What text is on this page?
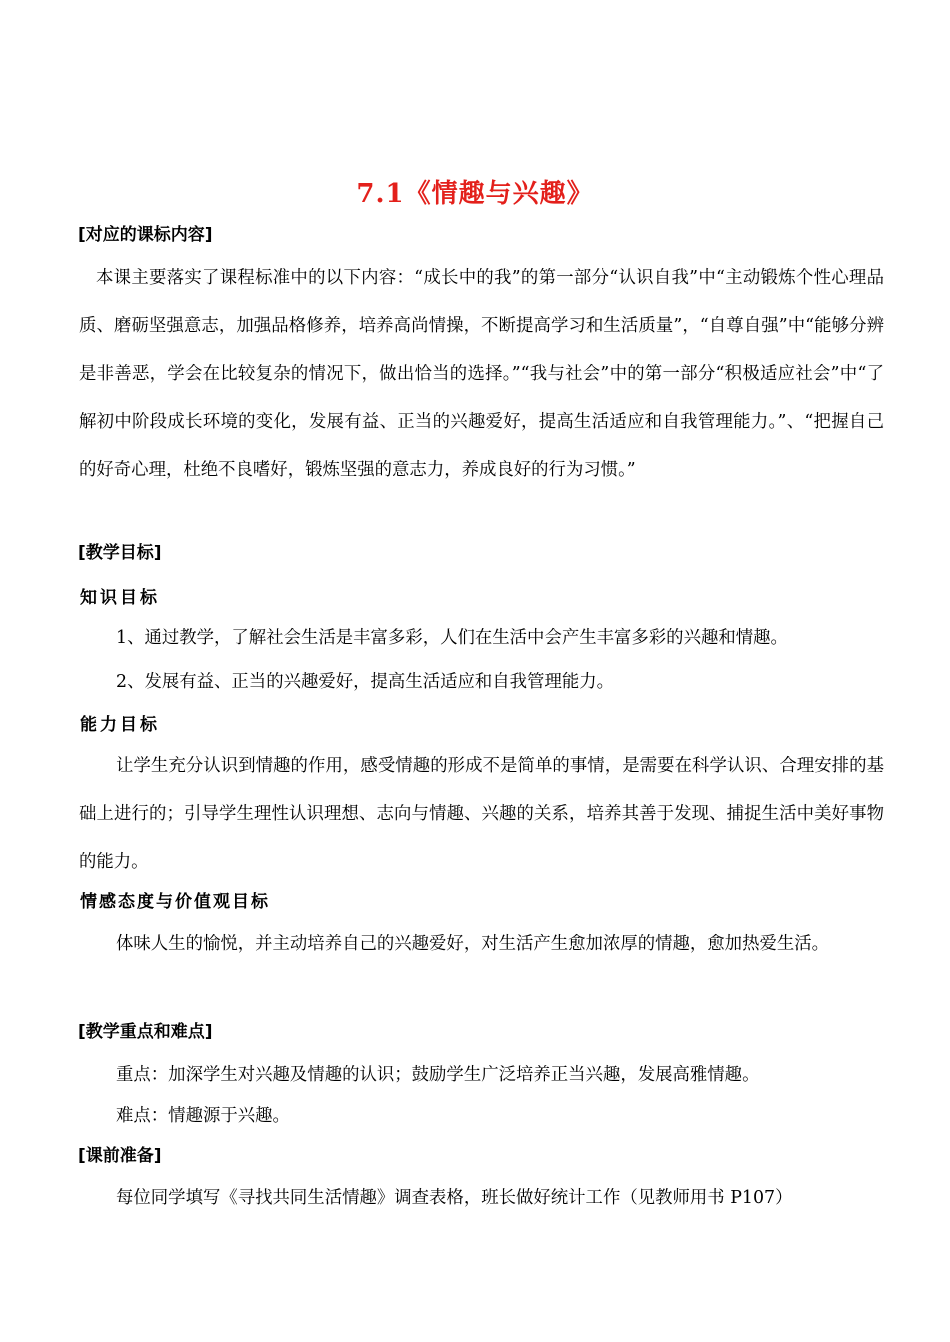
7.1《情趣与兴趣》
[对应的课标内容]
本课主要落实了课程标准中的以下内容：“成长中的我”的第一部分“认识自我”中“主动锻炼个性心理品质、磨砺坚强意志，加强品格修养，培养高尚情操，不断提高学习和生活质量”，“自尊自强”中“能够分辨是非善恶，学会在比较复杂的情况下，做出恰当的选择。”“我与社会”中的第一部分“积极适应社会”中“了解初中阶段成长环境的变化，发展有益、正当的兴趣爱好，提高生活适应和自我管理能力。”、“把握自己的好奇心理，杜绝不良嗜好，锻炼坚强的意志力，养成良好的行为习惯。”
[教学目标]
知识目标
1、通过教学，了解社会生活是丰富多彩，人们在生活中会产生丰富多彩的兴趣和情趣。
2、发展有益、正当的兴趣爱好，提高生活适应和自我管理能力。
能力目标
让学生充分认识到情趣的作用，感受情趣的形成不是简单的事情，是需要在科学认识、合理安排的基础上进行的；引导学生理性认识理想、志向与情趣、兴趣的关系，培养其善于发现、捕捉生活中美好事物的能力。
情感态度与价值观目标
体味人生的愉悦，并主动培养自己的兴趣爱好，对生活产生愈加浓厚的情趣，愈加热爱生活。
[教学重点和难点]
重点：加深学生对兴趣及情趣的认识；鼓励学生广泛培养正当兴趣，发展高雅情趣。
难点：情趣源于兴趣。
[课前准备]
每位同学填写《寻找共同生活情趣》调查表格，班长做好统计工作（见教师用书 P107）
